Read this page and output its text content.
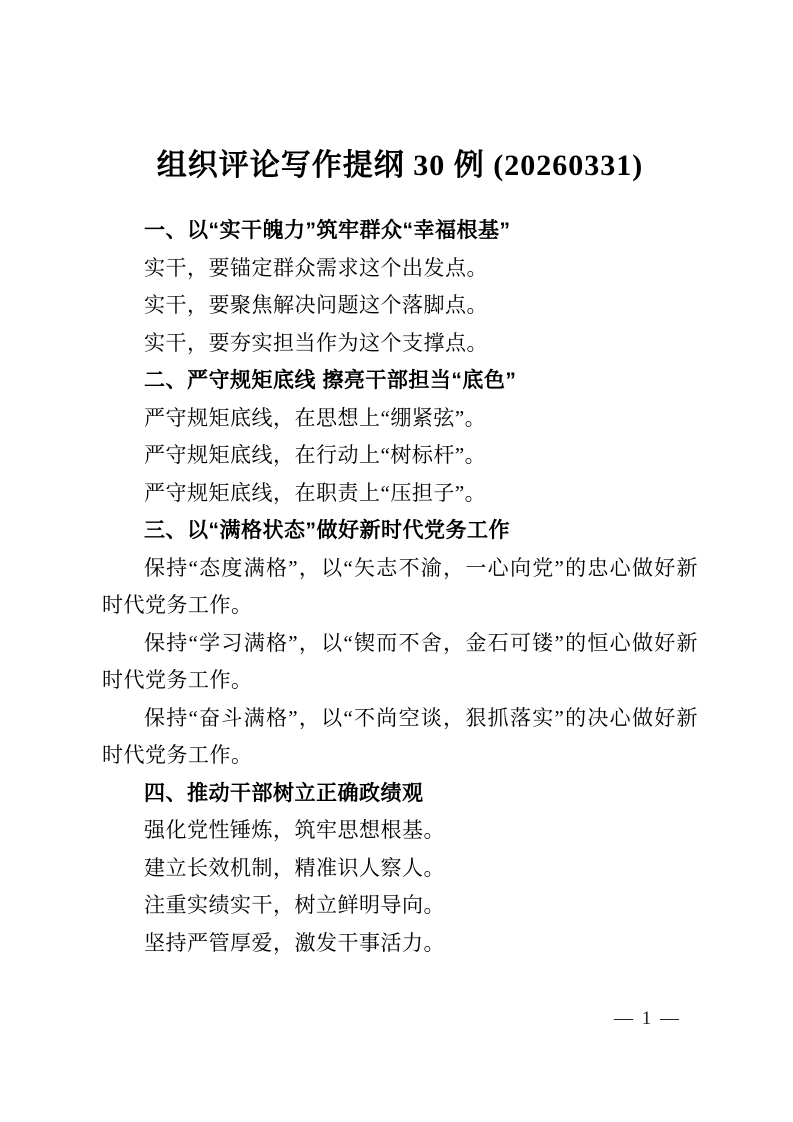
组织评论写作提纲 30 例 (20260331)
一、以“实干魄力”筑牢群众“幸福根基”

实干，要锚定群众需求这个出发点。

实干，要聚焦解决问题这个落脚点。

实干，要夯实担当作为这个支撑点。

二、严守规矩底线 擦亮干部担当“底色”

严守规矩底线，在思想上“绷紧弦”。

严守规矩底线，在行动上“树标杆”。

严守规矩底线，在职责上“压担子”。

三、以“满格状态”做好新时代党务工作

保持“态度满格”，以“矢志不渝，一心向党”的忠心做好新时代党务工作。

保持“学习满格”，以“锲而不舍，金石可镂”的恒心做好新时代党务工作。

保持“奋斗满格”，以“不尚空谈，狠抓落实”的决心做好新时代党务工作。

四、推动干部树立正确政绩观

强化党性锤炼，筑牢思想根基。

建立长效机制，精准识人察人。

注重实绩实干，树立鲜明导向。

坚持严管厚爱，激发干事活力。

— 1 —
